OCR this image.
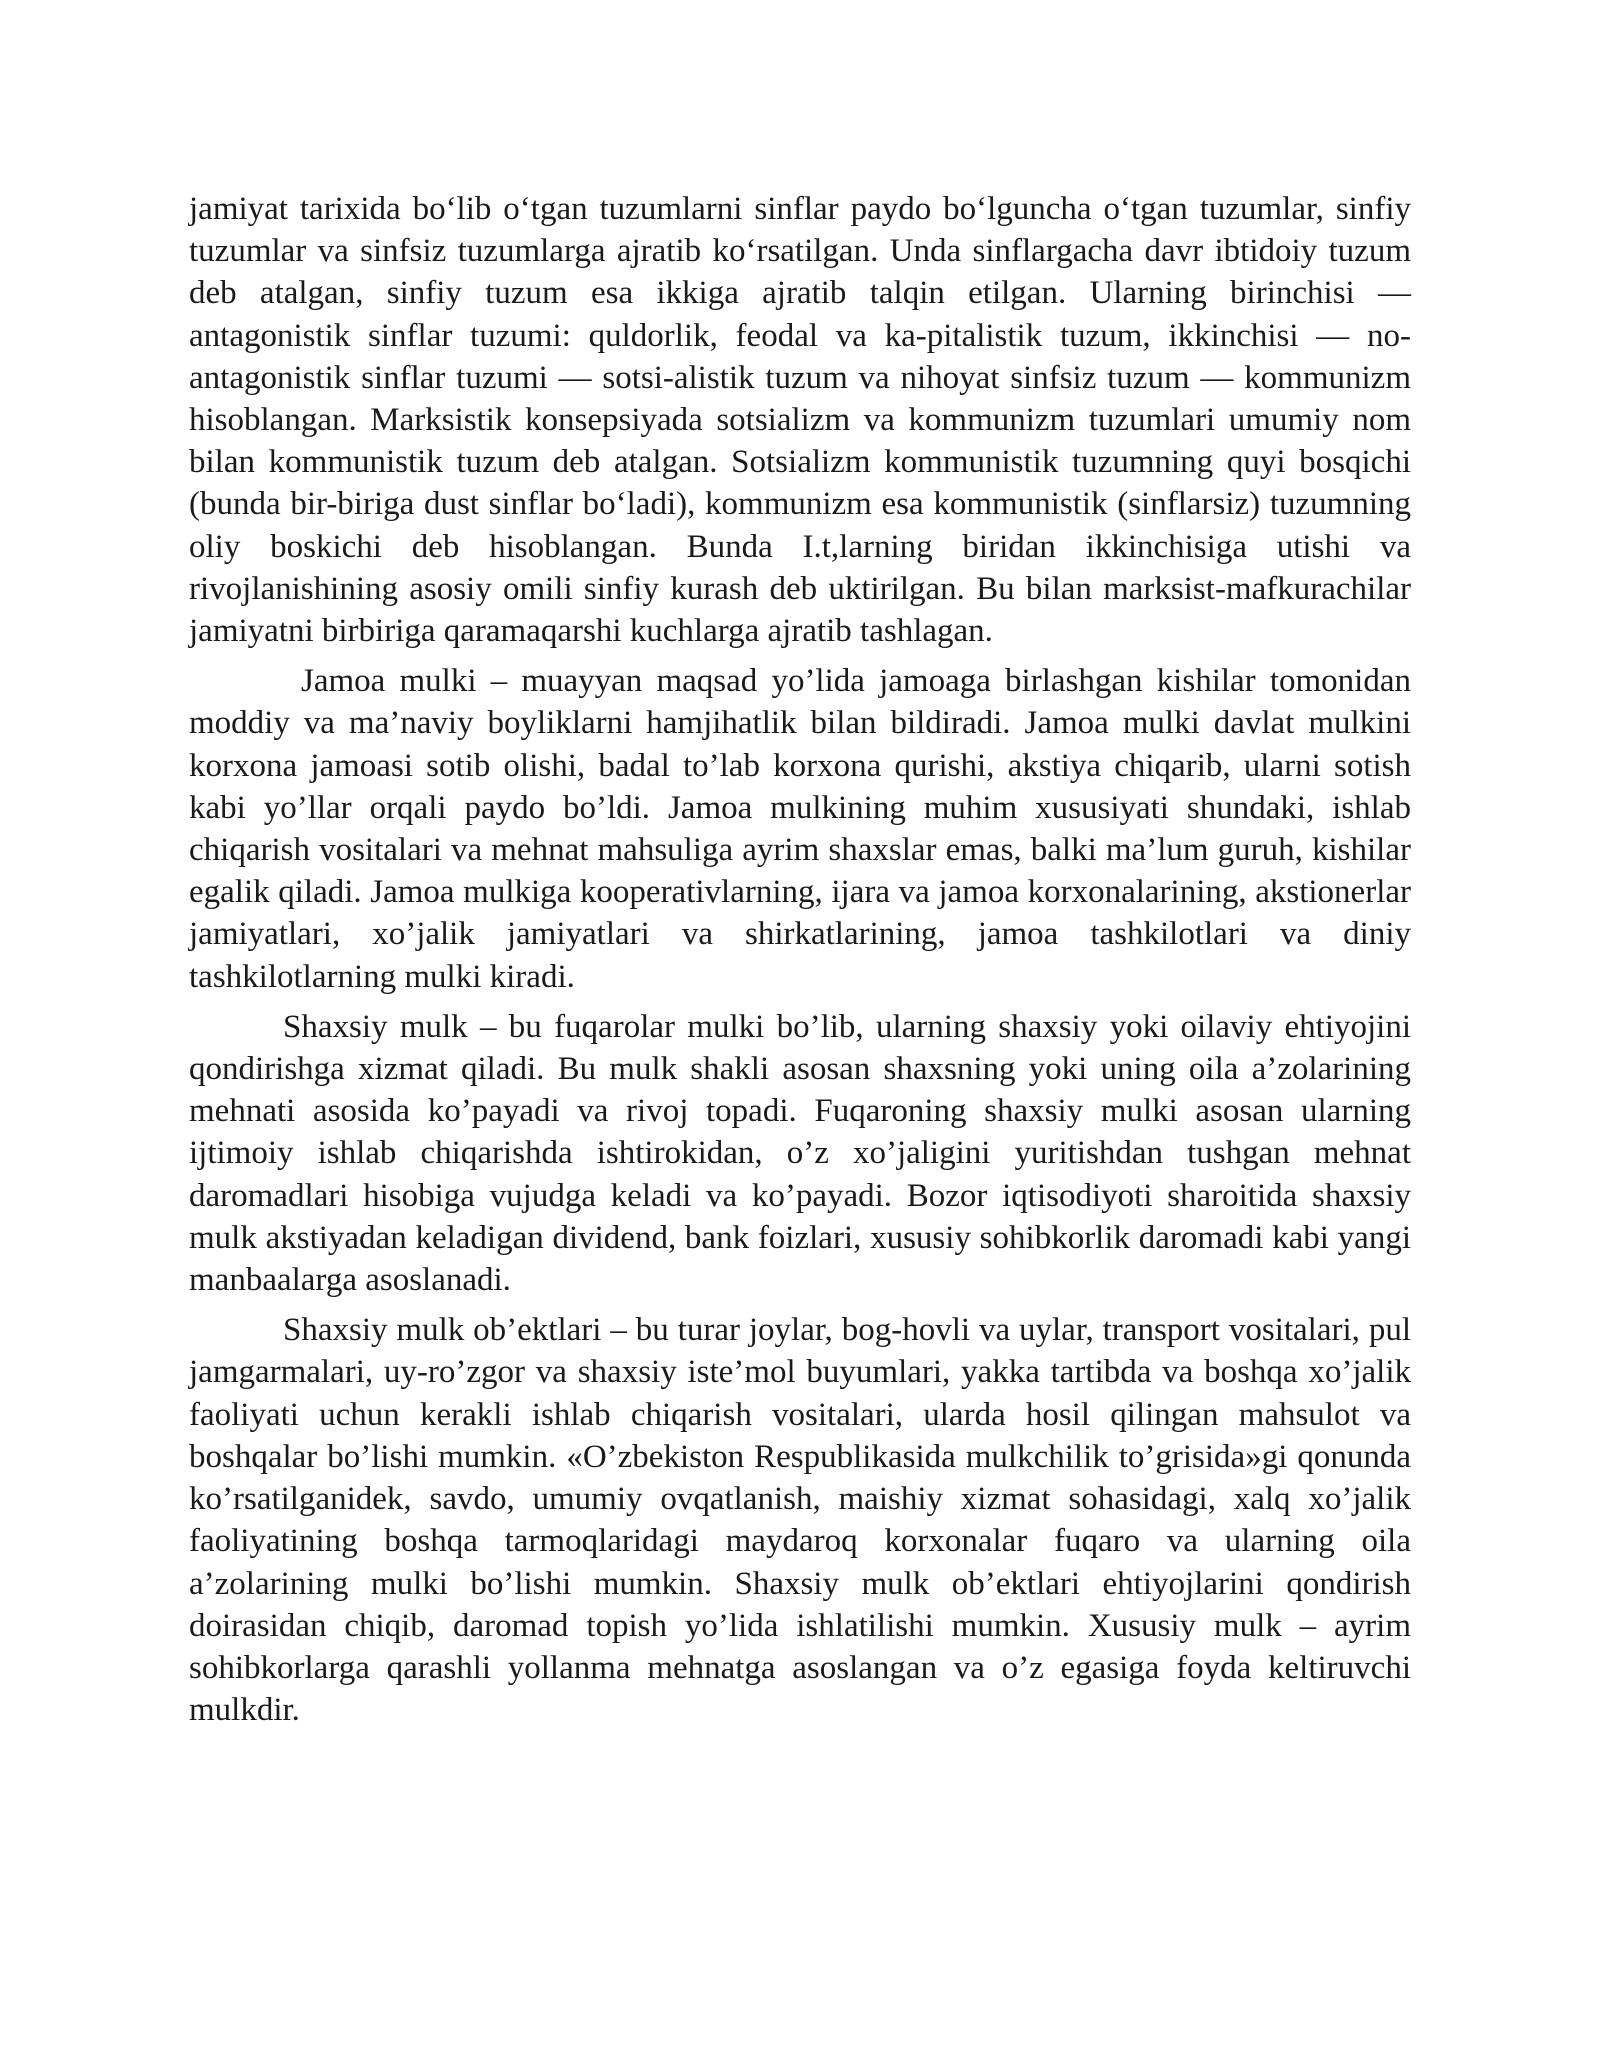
jamiyat tarixida bo‘lib o‘tgan tuzumlarni sinflar paydo bo‘lguncha o‘tgan tuzumlar, sinfiy tuzumlar va sinfsiz tuzumlarga ajratib ko‘rsatilgan. Unda sinflargacha davr ibtidoiy tuzum deb atalgan, sinfiy tuzum esa ikkiga ajratib talqin etilgan. Ularning birinchisi — antagonistik sinflar tuzumi: quldorlik, feodal va ka-pitalistik tuzum, ikkinchisi — no-antagonistik sinflar tuzumi — sotsi-alistik tuzum va nihoyat sinfsiz tuzum — kommunizm hisoblangan. Marksistik konsepsiyada sotsializm va kommunizm tuzumlari umumiy nom bilan kommunistik tuzum deb atalgan. Sotsializm kommunistik tuzumning quyi bosqichi (bunda bir-biriga dust sinflar bo‘ladi), kommunizm esa kommunistik (sinflarsiz) tuzumning oliy boskichi deb hisoblangan. Bunda I.t,larning biridan ikkinchisiga utishi va rivojlanishining asosiy omili sinfiy kurash deb uktirilgan. Bu bilan marksist-mafkurachilar jamiyatni birbiriga qaramaqarshi kuchlarga ajratib tashlagan.

Jamoa mulki – muayyan maqsad yo’lida jamoaga birlashgan kishilar tomonidan moddiy va ma’naviy boyliklarni hamjihatlik bilan bildiradi. Jamoa mulki davlat mulkini korxona jamoasi sotib olishi, badal to’lab korxona qurishi, akstiya chiqarib, ularni sotish kabi yo’llar orqali paydo bo’ldi. Jamoa mulkining muhim xususiyati shundaki, ishlab chiqarish vositalari va mehnat mahsuliga ayrim shaxslar emas, balki ma’lum guruh, kishilar egalik qiladi. Jamoa mulkiga kooperativlarning, ijara va jamoa korxonalarining, akstionerlar jamiyatlari, xo’jalik jamiyatlari va shirkatlarining, jamoa tashkilotlari va diniy tashkilotlarning mulki kiradi.

Shaxsiy mulk – bu fuqarolar mulki bo’lib, ularning shaxsiy yoki oilaviy ehtiyojini qondirishga xizmat qiladi. Bu mulk shakli asosan shaxsning yoki uning oila a’zolarining mehnati asosida ko’payadi va rivoj topadi. Fuqaroning shaxsiy mulki asosan ularning ijtimoiy ishlab chiqarishda ishtirokidan, o’z xo’jaligini yuritishdan tushgan mehnat daromadlari hisobiga vujudga keladi va ko’payadi. Bozor iqtisodiyoti sharoitida shaxsiy mulk akstiyadan keladigan dividend, bank foizlari, xususiy sohibkorlik daromadi kabi yangi manbaalarga asoslanadi.

Shaxsiy mulk ob’ektlari – bu turar joylar, bog-hovli va uylar, transport vositalari, pul jamgarmalari, uy-ro’zgor va shaxsiy iste’mol buyumlari, yakka tartibda va boshqa xo’jalik faoliyati uchun kerakli ishlab chiqarish vositalari, ularda hosil qilingan mahsulot va boshqalar bo’lishi mumkin. «O’zbekiston Respublikasida mulkchilik to’grisida»gi qonunda ko’rsatilganidek, savdo, umumiy ovqatlanish, maishiy xizmat sohasidagi, xalq xo’jalik faoliyatining boshqa tarmoqlaridagi maydaroq korxonalar fuqaro va ularning oila a’zolarining mulki bo’lishi mumkin. Shaxsiy mulk ob’ektlari ehtiyojlarini qondirish doirasidan chiqib, daromad topish yo’lida ishlatilishi mumkin. Xususiy mulk – ayrim sohibkorlarga qarashli yollanma mehnatga asoslangan va o’z egasiga foyda keltiruvchi mulkdir.
